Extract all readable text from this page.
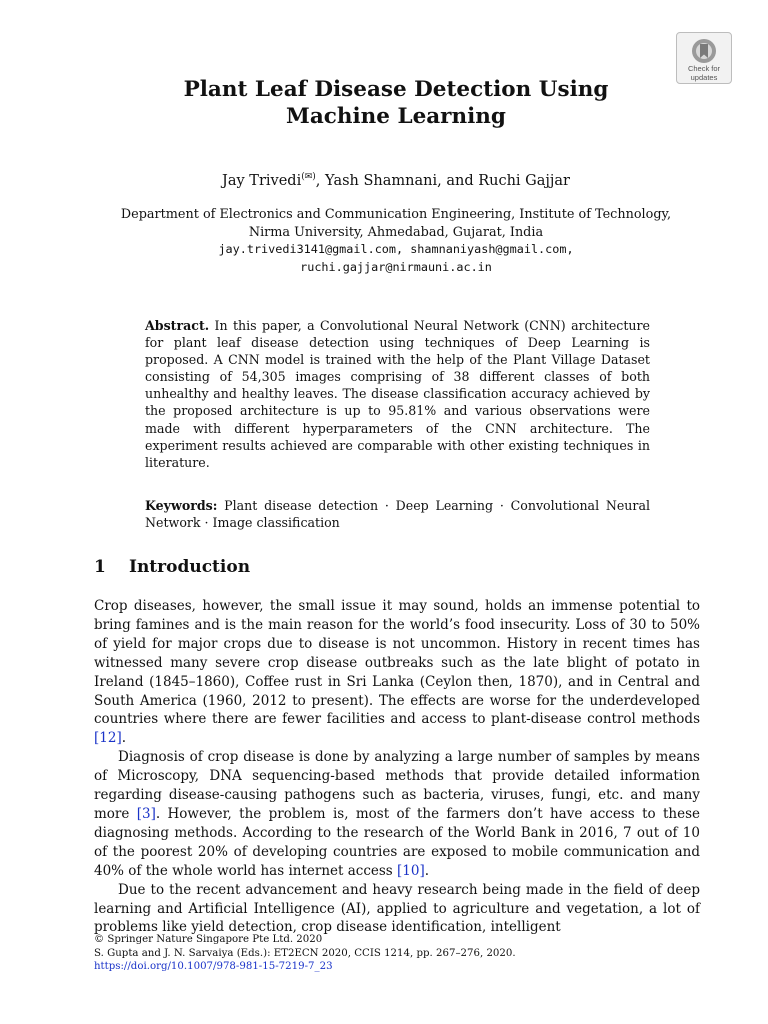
Check for
updates
Plant Leaf Disease Detection Using
Machine Learning
Jay Trivedi(✉), Yash Shamnani, and Ruchi Gajjar
Department of Electronics and Communication Engineering, Institute of Technology,
Nirma University, Ahmedabad, Gujarat, India
jay.trivedi3141@gmail.com, shamnaniyash@gmail.com,
ruchi.gajjar@nirmauni.ac.in
Abstract. In this paper, a Convolutional Neural Network (CNN) architecture for plant leaf disease detection using techniques of Deep Learning is proposed. A CNN model is trained with the help of the Plant Village Dataset consisting of 54,305 images comprising of 38 different classes of both unhealthy and healthy leaves. The disease classification accuracy achieved by the proposed architecture is up to 95.81% and various observations were made with different hyperparameters of the CNN architecture. The experiment results achieved are comparable with other existing techniques in literature.
Keywords: Plant disease detection · Deep Learning · Convolutional Neural Network · Image classification
1 Introduction

Crop diseases, however, the small issue it may sound, holds an immense potential to bring famines and is the main reason for the world’s food insecurity. Loss of 30 to 50% of yield for major crops due to disease is not uncommon. History in recent times has witnessed many severe crop disease outbreaks such as the late blight of potato in Ireland (1845–1860), Coffee rust in Sri Lanka (Ceylon then, 1870), and in Central and South America (1960, 2012 to present). The effects are worse for the underdeveloped countries where there are fewer facilities and access to plant-disease control methods [12].

Diagnosis of crop disease is done by analyzing a large number of samples by means of Microscopy, DNA sequencing-based methods that provide detailed information regarding disease-causing pathogens such as bacteria, viruses, fungi, etc. and many more [3]. However, the problem is, most of the farmers don’t have access to these diagnosing methods. According to the research of the World Bank in 2016, 7 out of 10 of the poorest 20% of developing countries are exposed to mobile communication and 40% of the whole world has internet access [10].

Due to the recent advancement and heavy research being made in the field of deep learning and Artificial Intelligence (AI), applied to agriculture and vegetation, a lot of problems like yield detection, crop disease identification, intelligent

© Springer Nature Singapore Pte Ltd. 2020
S. Gupta and J. N. Sarvaiya (Eds.): ET2ECN 2020, CCIS 1214, pp. 267–276, 2020.
https://doi.org/10.1007/978-981-15-7219-7_23
